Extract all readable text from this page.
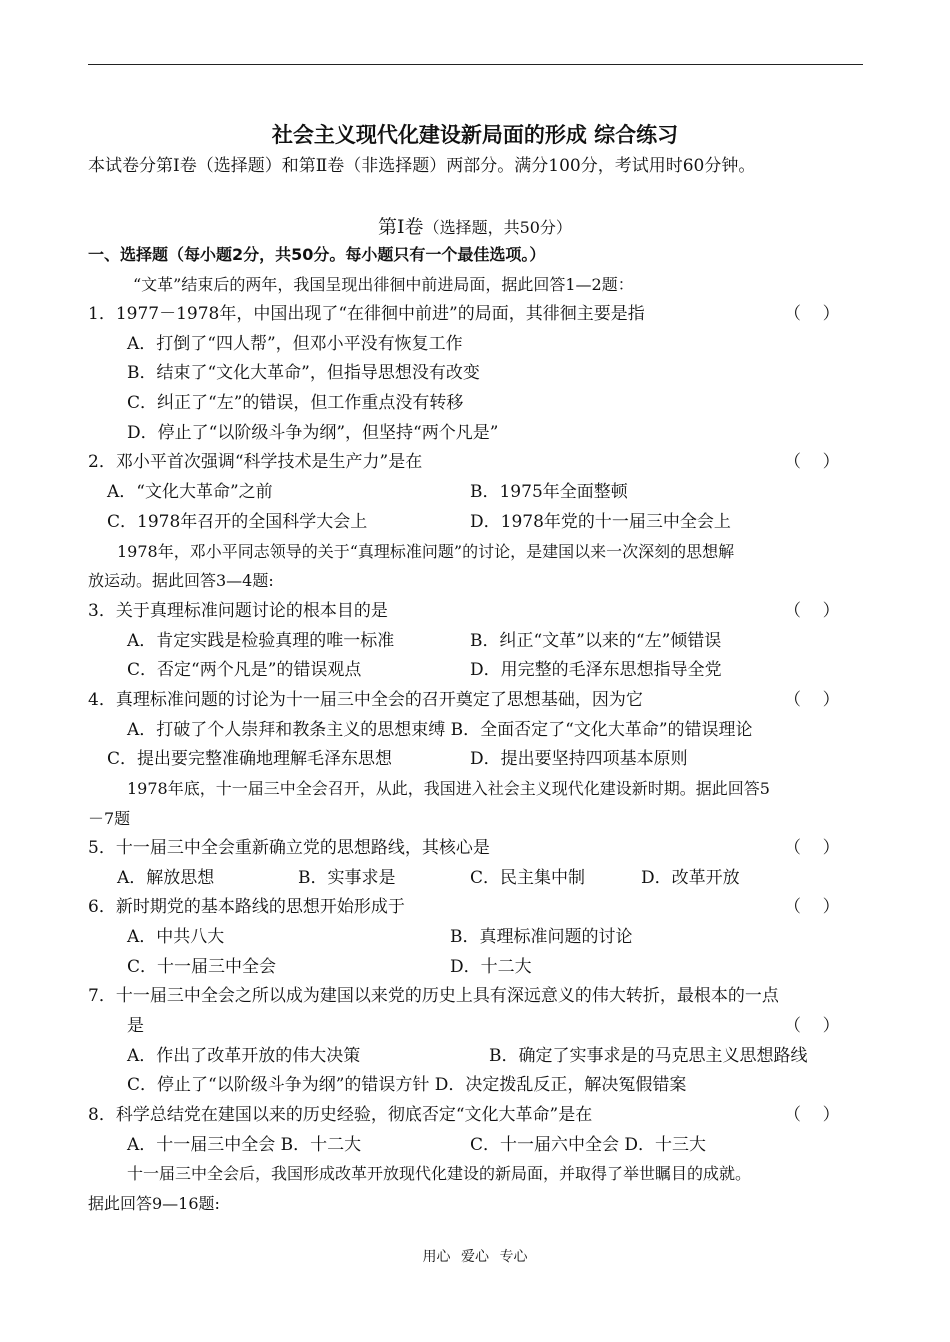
社会主义现代化建设新局面的形成 综合练习
本试卷分第Ⅰ卷（选择题）和第Ⅱ卷（非选择题）两部分。满分100分，考试用时60分钟。
第Ⅰ卷（选择题，共50分）
一、选择题（每小题2分，共50分。每小题只有一个最佳选项。）
“文革”结束后的两年，我国呈现出徘徊中前进局面，据此回答1—2题：
1．1977－1978年，中国出现了“在徘徊中前进”的局面，其徘徊主要是指	（    ）
A．打倒了“四人帮”，但邓小平没有恢复工作
B．结束了“文化大革命”，但指导思想没有改变
C．纠正了“左”的错误，但工作重点没有转移
D．停止了“以阶级斗争为纲”，但坚持“两个凡是”
2．邓小平首次强调“科学技术是生产力”是在	（    ）
A．“文化大革命”之前	B．1975年全面整顿
C．1978年召开的全国科学大会上	D．1978年党的十一届三中全会上
1978年，邓小平同志领导的关于“真理标准问题”的讨论，是建国以来一次深刻的思想解
放运动。据此回答3—4题:
3．关于真理标准问题讨论的根本目的是	（    ）
A．肯定实践是检验真理的唯一标准	B．纠正“文革”以来的“左”倾错误
C．否定“两个凡是”的错误观点	D．用完整的毛泽东思想指导全党
4．真理标准问题的讨论为十一届三中全会的召开奠定了思想基础，因为它	（    ）
A．打破了个人崇拜和教条主义的思想束缚 B．全面否定了“文化大革命”的错误理论
C．提出要完整准确地理解毛泽东思想	D．提出要坚持四项基本原则
1978年底，十一届三中全会召开，从此，我国进入社会主义现代化建设新时期。据此回答5
－7题
5．十一届三中全会重新确立党的思想路线，其核心是	（    ）
A．解放思想	B．实事求是	C．民主集中制	D．改革开放
6．新时期党的基本路线的思想开始形成于	（    ）
A．中共八大	B．真理标准问题的讨论
C．十一届三中全会	D．十二大
7．十一届三中全会之所以成为建国以来党的历史上具有深远意义的伟大转折，最根本的一点
是	（    ）
A．作出了改革开放的伟大决策	B．确定了实事求是的马克思主义思想路线
C．停止了“以阶级斗争为纲”的错误方针 D．决定拨乱反正，解决冤假错案
8．科学总结党在建国以来的历史经验，彻底否定“文化大革命”是在	（    ）
A．十一届三中全会 B．十二大	C．十一届六中全会 D．十三大
十一届三中全会后，我国形成改革开放现代化建设的新局面，并取得了举世瞩目的成就。
据此回答9—16题:
用心 爱心 专心
